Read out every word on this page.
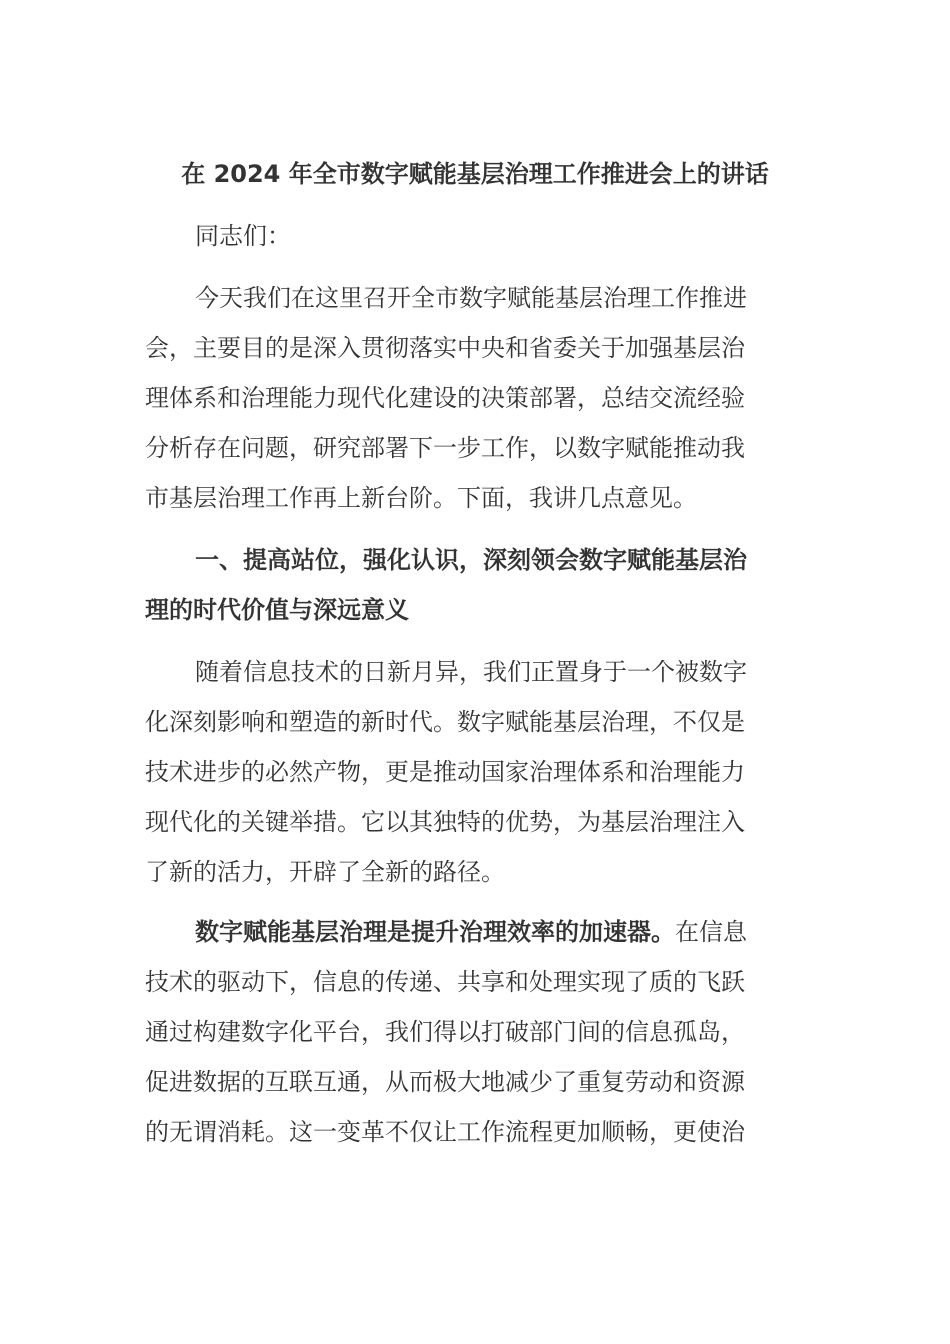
在 2024 年全市数字赋能基层治理工作推进会上的讲话
同志们：
今天我们在这里召开全市数字赋能基层治理工作推进
会，主要目的是深入贯彻落实中央和省委关于加强基层治
理体系和治理能力现代化建设的决策部署，总结交流经验
分析存在问题，研究部署下一步工作，以数字赋能推动我
市基层治理工作再上新台阶。下面，我讲几点意见。
一、提高站位，强化认识，深刻领会数字赋能基层治
理的时代价值与深远意义
随着信息技术的日新月异，我们正置身于一个被数字
化深刻影响和塑造的新时代。数字赋能基层治理，不仅是
技术进步的必然产物，更是推动国家治理体系和治理能力
现代化的关键举措。它以其独特的优势，为基层治理注入
了新的活力，开辟了全新的路径。
数字赋能基层治理是提升治理效率的加速器。在信息
技术的驱动下，信息的传递、共享和处理实现了质的飞跃
通过构建数字化平台，我们得以打破部门间的信息孤岛，
促进数据的互联互通，从而极大地减少了重复劳动和资源
的无谓消耗。这一变革不仅让工作流程更加顺畅，更使治
